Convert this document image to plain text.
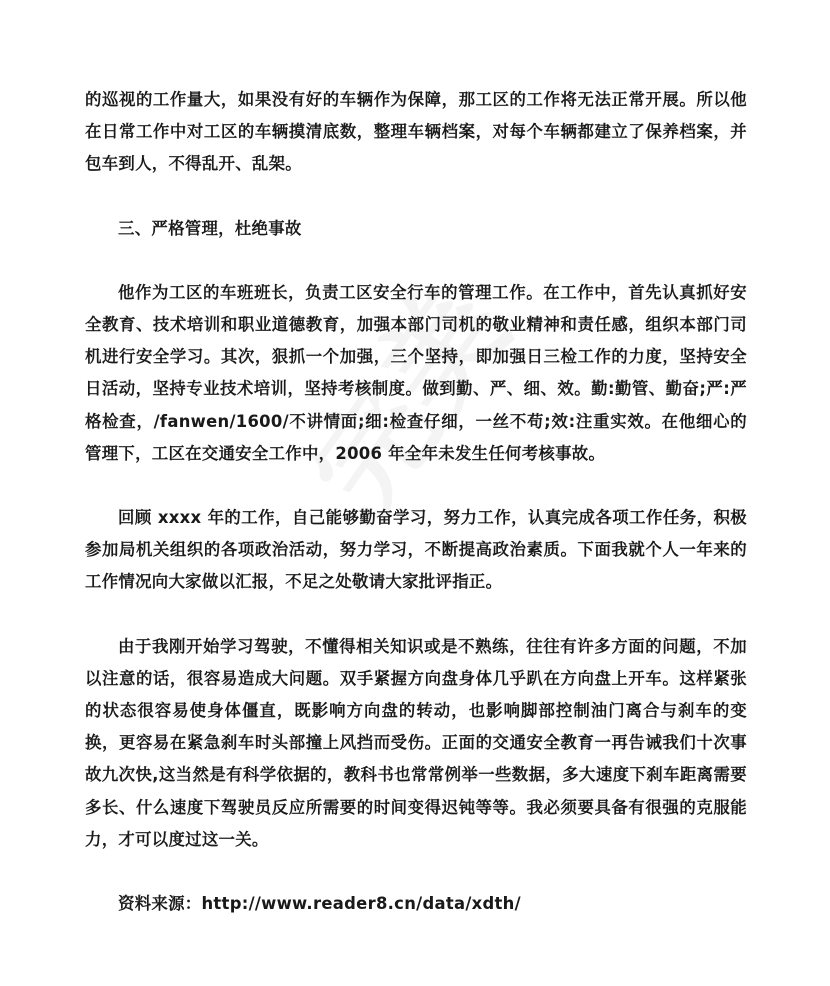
的巡视的工作量大，如果没有好的车辆作为保障，那工区的工作将无法正常开展。所以他在日常工作中对工区的车辆摸清底数，整理车辆档案，对每个车辆都建立了保养档案，并包车到人，不得乱开、乱架。

三、严格管理，杜绝事故

他作为工区的车班班长，负责工区安全行车的管理工作。在工作中，首先认真抓好安全教育、技术培训和职业道德教育，加强本部门司机的敬业精神和责任感，组织本部门司机进行安全学习。其次，狠抓一个加强，三个坚持，即加强日三检工作的力度，坚持安全日活动，坚持专业技术培训，坚持考核制度。做到勤、严、细、效。勤:勤管、勤奋;严:严格检查，/fanwen/1600/不讲情面;细:检查仔细，一丝不苟;效:注重实效。在他细心的管理下，工区在交通安全工作中，2006 年全年未发生任何考核事故。

回顾 xxxx 年的工作，自己能够勤奋学习，努力工作，认真完成各项工作任务，积极参加局机关组织的各项政治活动，努力学习，不断提高政治素质。下面我就个人一年来的工作情况向大家做以汇报，不足之处敬请大家批评指正。

由于我刚开始学习驾驶，不懂得相关知识或是不熟练，往往有许多方面的问题，不加以注意的话，很容易造成大问题。双手紧握方向盘身体几乎趴在方向盘上开车。这样紧张的状态很容易使身体僵直，既影响方向盘的转动，也影响脚部控制油门离合与刹车的变换，更容易在紧急刹车时头部撞上风挡而受伤。正面的交通安全教育一再告诫我们十次事故九次快,这当然是有科学依据的，教科书也常常例举一些数据，多大速度下刹车距离需要多长、什么速度下驾驶员反应所需要的时间变得迟钝等等。我必须要具备有很强的克服能力，才可以度过这一关。

资料来源：http://www.reader8.cn/data/xdth/
